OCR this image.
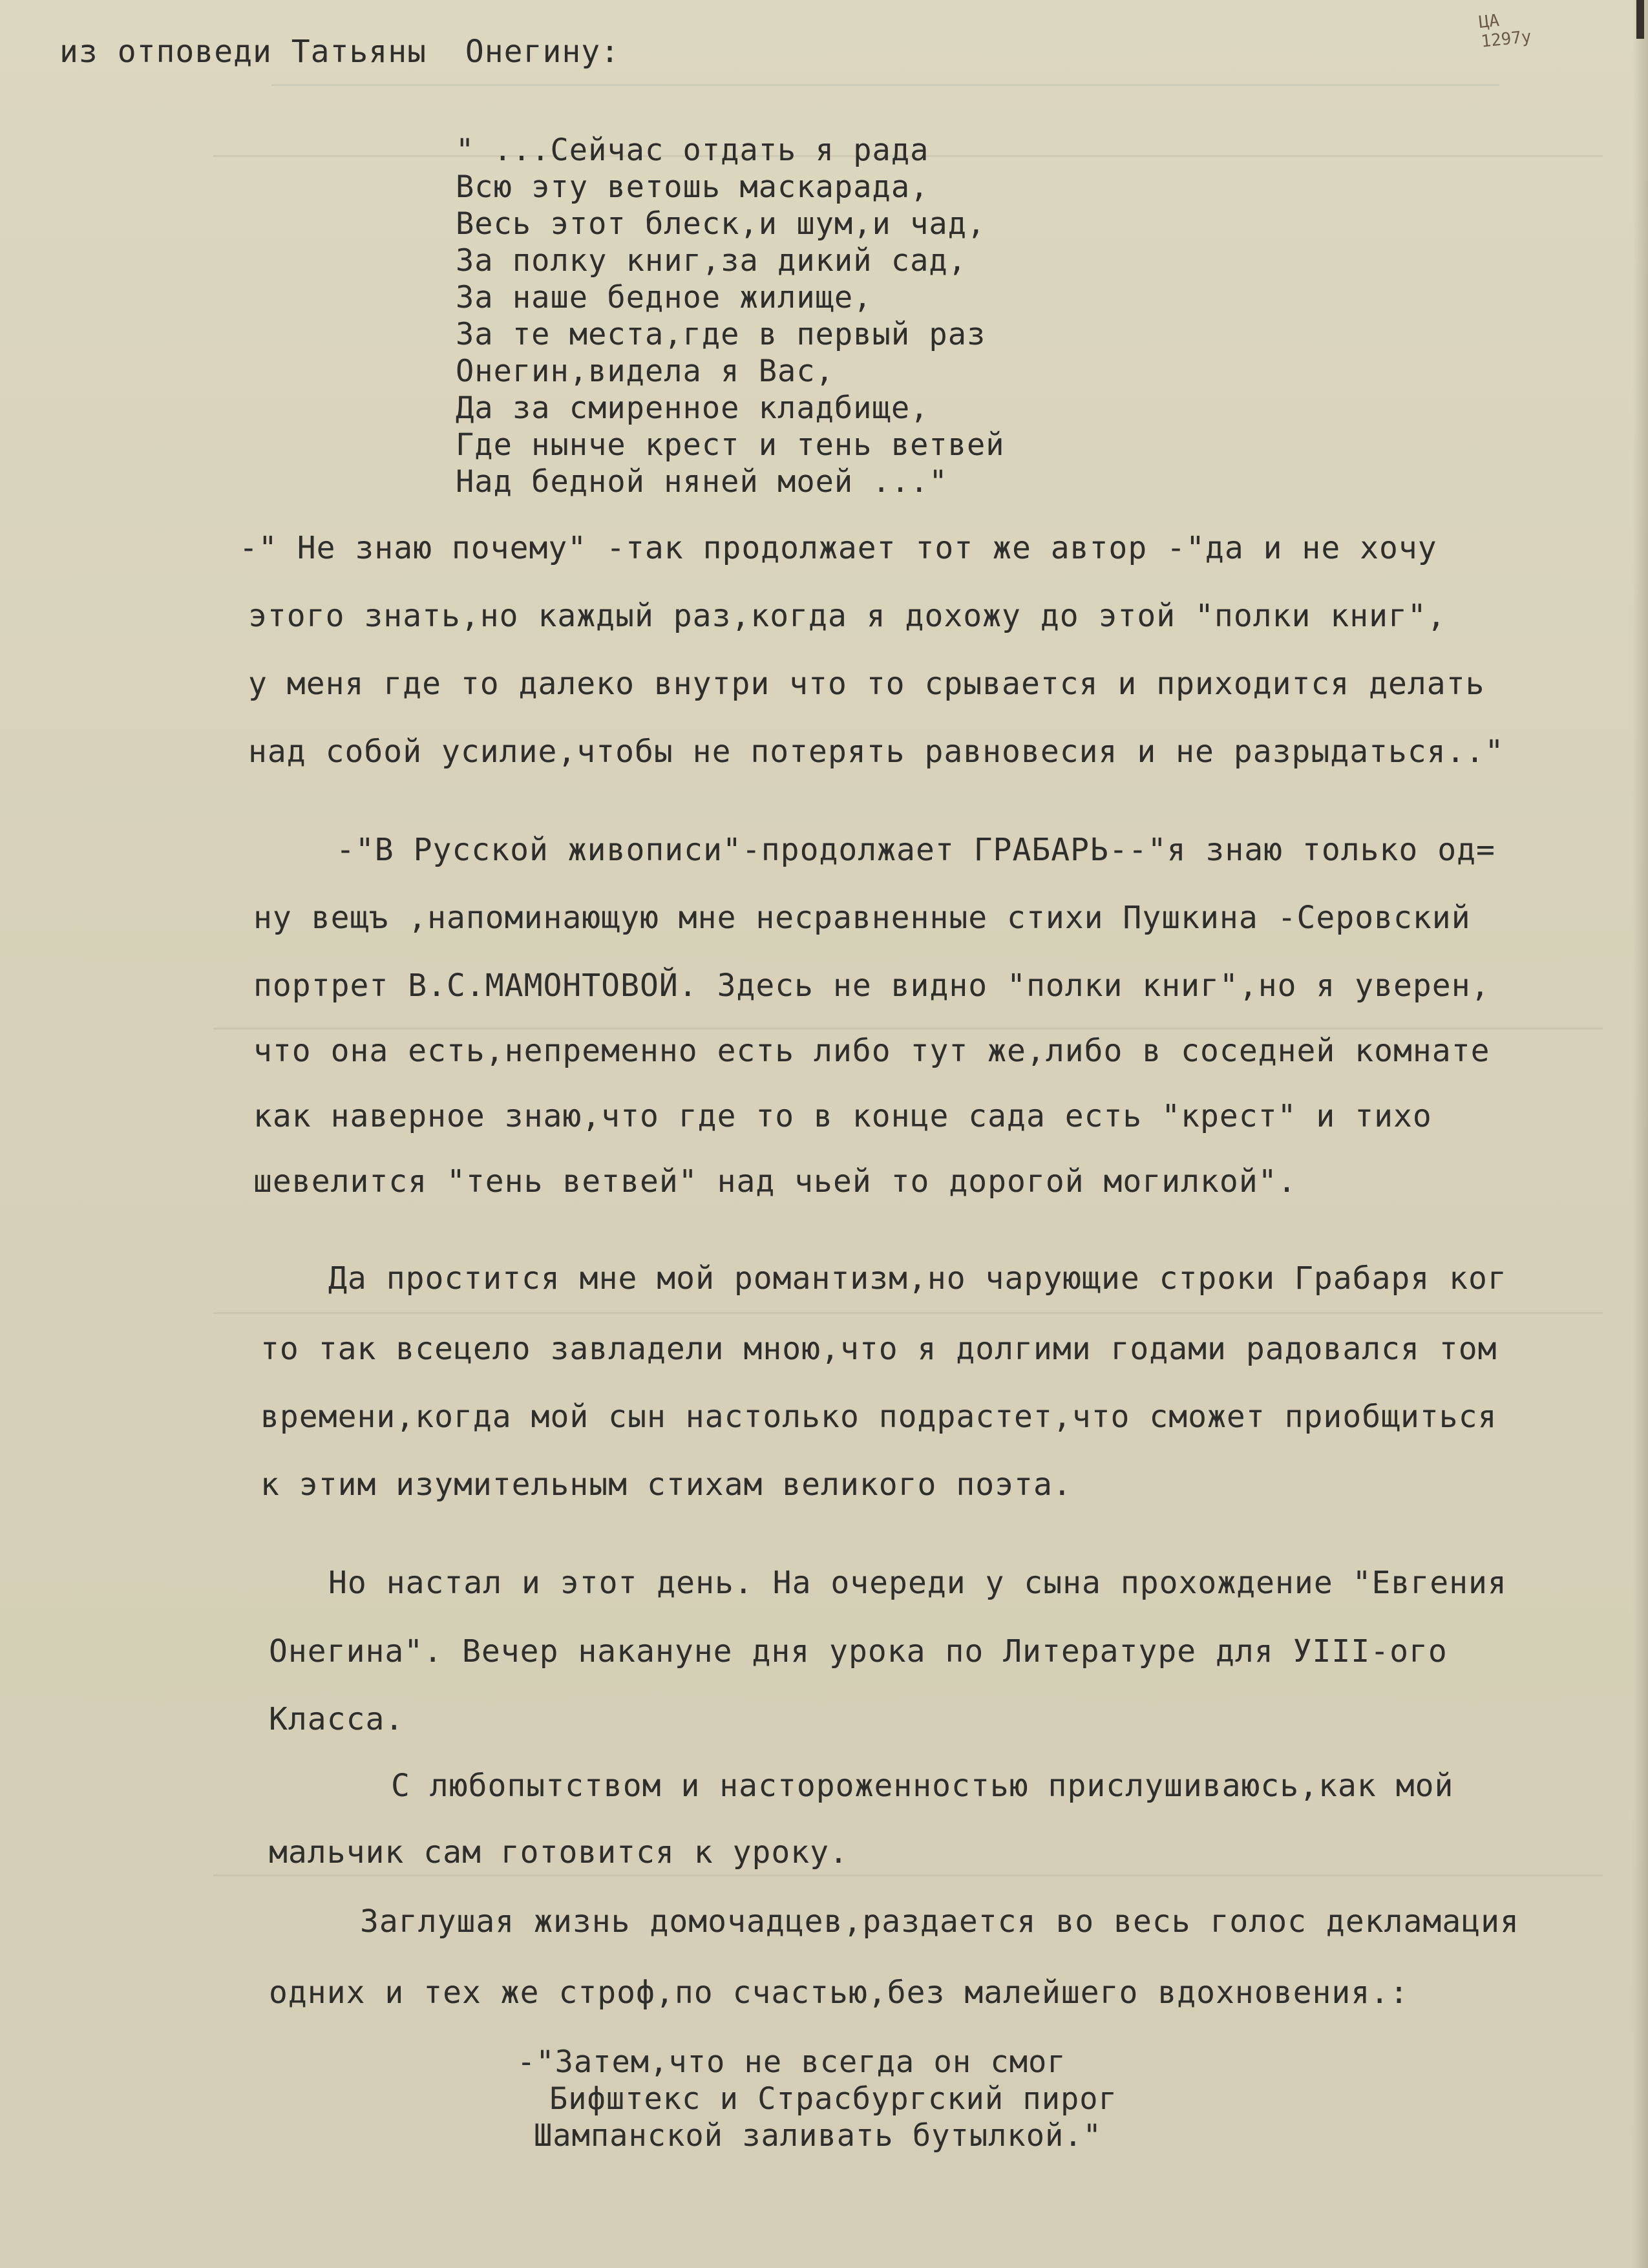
ЦА
1297у
из отповеди Татьяны  Онегину:
" ...Сейчас отдать я рада
Всю эту ветошь маскарада,
Весь этот блеск,и шум,и чад,
За полку книг,за дикий сад,
За наше бедное жилище,
За те места,где в первый раз
Онегин,видела я Вас,
Да за смиренное кладбище,
Где нынче крест и тень ветвей
Над бедной няней моей ..."
-" Не знаю почему" -так продолжает тот же автор -"да и не хочу
этого знать,но каждый раз,когда я дохожу до этой "полки книг",
у меня где то далеко внутри что то срывается и приходится делать
над собой усилие,чтобы не потерять равновесия и не разрыдаться.."
-"В Русской живописи"-продолжает ГРАБАРЬ--"я знаю только од=
ну вещъ ,напоминающую мне несравненные стихи Пушкина -Серовский
портрет В.С.МАМОНТОВОЙ. Здесь не видно "полки книг",но я уверен,
что она есть,непременно есть либо тут же,либо в соседней комнате
как наверное знаю,что где то в конце сада есть "крест" и тихо
шевелится "тень ветвей" над чьей то дорогой могилкой".
Да простится мне мой романтизм,но чарующие строки Грабаря ког
то так всецело завладели мною,что я долгими годами радовался том
времени,когда мой сын настолько подрастет,что сможет приобщиться
к этим изумительным стихам великого поэта.
Но настал и этот день. На очереди у сына прохождение "Евгения
Онегина". Вечер накануне дня урока по Литературе для УIII-ого
Класса.
С любопытством и настороженностью прислушиваюсь,как мой
мальчик сам готовится к уроку.
Заглушая жизнь домочадцев,раздается во весь голос декламация
одних и тех же строф,по счастью,без малейшего вдохновения.:
-"Затем,что не всегда он смог
Бифштекс и Страсбургский пирог
Шампанской заливать бутылкой."
